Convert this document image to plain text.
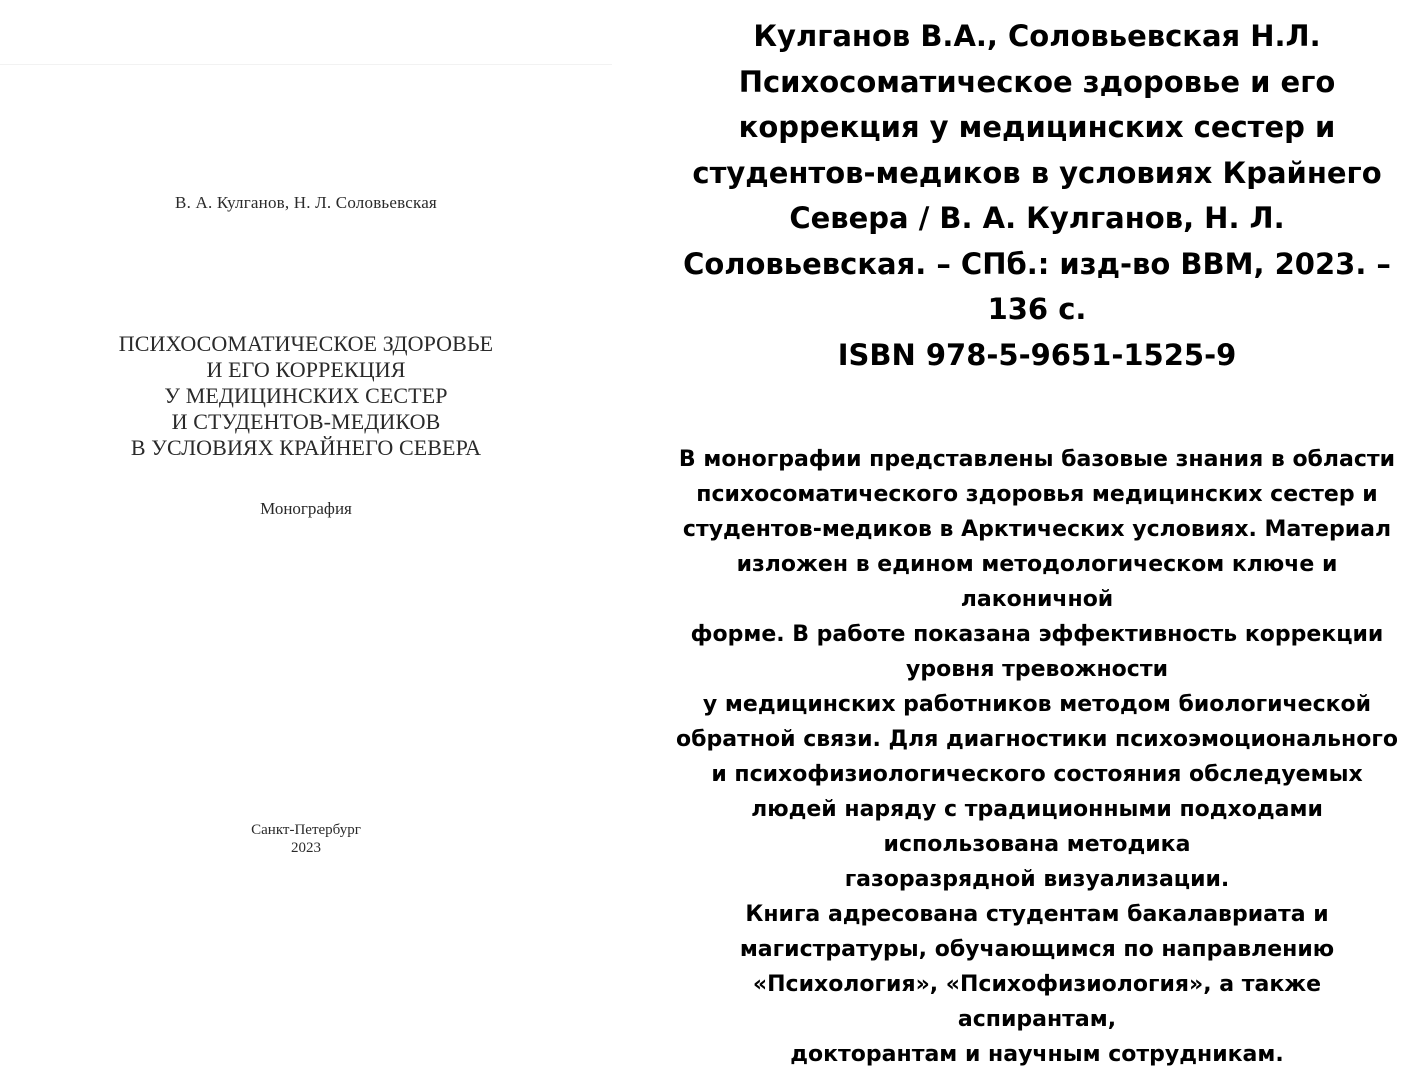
В. А. Кулганов, Н. Л. Соловьевская
ПСИХОСОМАТИЧЕСКОЕ ЗДОРОВЬЕ
И ЕГО КОРРЕКЦИЯ
У МЕДИЦИНСКИХ СЕСТЕР
И СТУДЕНТОВ-МЕДИКОВ
В УСЛОВИЯХ КРАЙНЕГО СЕВЕРА
Монография
Санкт-Петербург
2023
Кулганов В.А., Соловьевская Н.Л.
Психосоматическое здоровье и его
коррекция у медицинских сестер и
студентов-медиков в условиях Крайнего
Севера / В. А. Кулганов, Н. Л.
Соловьевская. – СПб.: изд-во ВВМ, 2023. –
136 с.
ISBN 978-5-9651-1525-9
В монографии представлены базовые знания в области
психосоматического здоровья медицинских сестер и
студентов-медиков в Арктических условиях. Материал
изложен в едином методологическом ключе и
лаконичной
форме. В работе показана эффективность коррекции
уровня тревожности
у медицинских работников методом биологической
обратной связи. Для диагностики психоэмоционального
и психофизиологического состояния обследуемых
людей наряду с традиционными подходами
использована методика
газоразрядной визуализации.
Книга адресована студентам бакалавриата и
магистратуры, обучающимся по направлению
«Психология», «Психофизиология», а также
аспирантам,
докторантам и научным сотрудникам.
